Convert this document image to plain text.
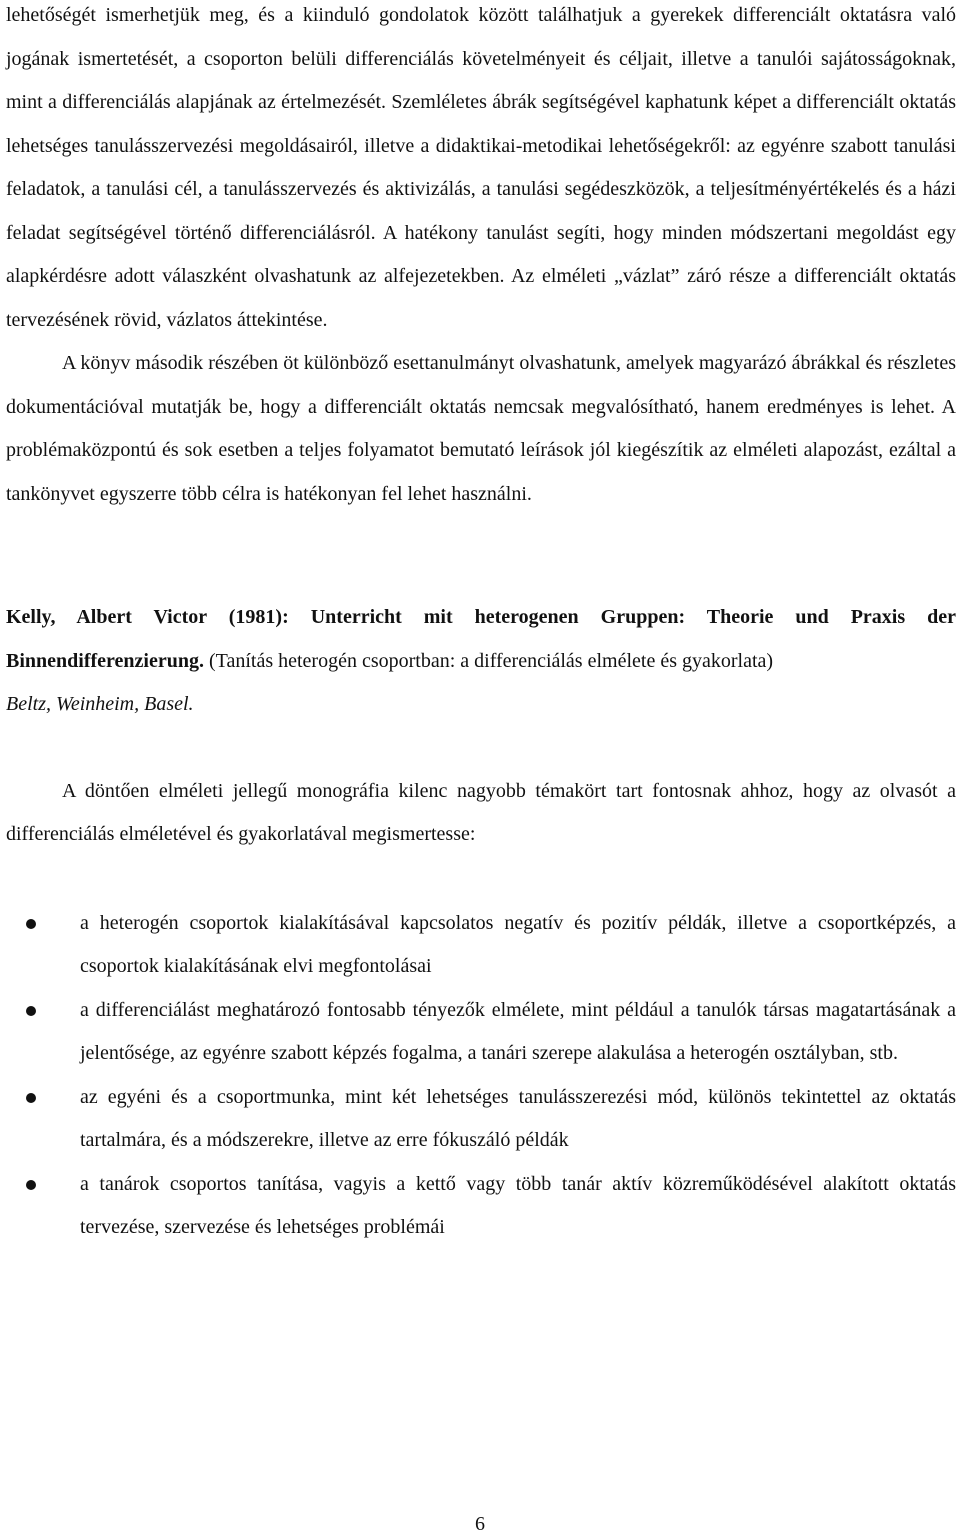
lehetőségét ismerhetjük meg, és a kiinduló gondolatok között találhatjuk a gyerekek differenciált oktatásra való jogának ismertetését, a csoporton belüli differenciálás követelményeit és céljait, illetve a tanulói sajátosságoknak, mint a differenciálás alapjának az értelmezését. Szemléletes ábrák segítségével kaphatunk képet a differenciált oktatás lehetséges tanulásszervezési megoldásairól, illetve a didaktikai-metodikai lehetőségekről: az egyénre szabott tanulási feladatok, a tanulási cél, a tanulásszervezés és aktivizálás, a tanulási segédeszközök, a teljesítményértékelés és a házi feladat segítségével történő differenciálásról. A hatékony tanulást segíti, hogy minden módszertani megoldást egy alapkérdésre adott válaszként olvashatunk az alfejezetekben. Az elméleti „vázlat” záró része a differenciált oktatás tervezésének rövid, vázlatos áttekintése.

A könyv második részében öt különböző esettanulmányt olvashatunk, amelyek magyarázó ábrákkal és részletes dokumentációval mutatják be, hogy a differenciált oktatás nemcsak megvalósítható, hanem eredményes is lehet. A problémaközpontú és sok esetben a teljes folyamatot bemutató leírások jól kiegészítik az elméleti alapozást, ezáltal a tankönyvet egyszerre több célra is hatékonyan fel lehet használni.

Kelly, Albert Victor (1981): Unterricht mit heterogenen Gruppen: Theorie und Praxis der Binnendifferenzierung. (Tanítás heterogén csoportban: a differenciálás elmélete és gyakorlata)
Beltz, Weinheim, Basel.

A döntően elméleti jellegű monográfia kilenc nagyobb témakört tart fontosnak ahhoz, hogy az olvasót a differenciálás elméletével és gyakorlatával megismertesse:

a heterogén csoportok kialakításával kapcsolatos negatív és pozitív példák, illetve a csoportképzés, a csoportok kialakításának elvi megfontolásai
a differenciálást meghatározó fontosabb tényezők elmélete, mint például a tanulók társas magatartásának a jelentősége, az egyénre szabott képzés fogalma, a tanári szerepe alakulása a heterogén osztályban, stb.
az egyéni és a csoportmunka, mint két lehetséges tanulásszerezési mód, különös tekintettel az oktatás tartalmára, és a módszerekre, illetve az erre fókuszáló példák
a tanárok csoportos tanítása, vagyis a kettő vagy több tanár aktív közreműködésével alakított oktatás tervezése, szervezése és lehetséges problémái
6
